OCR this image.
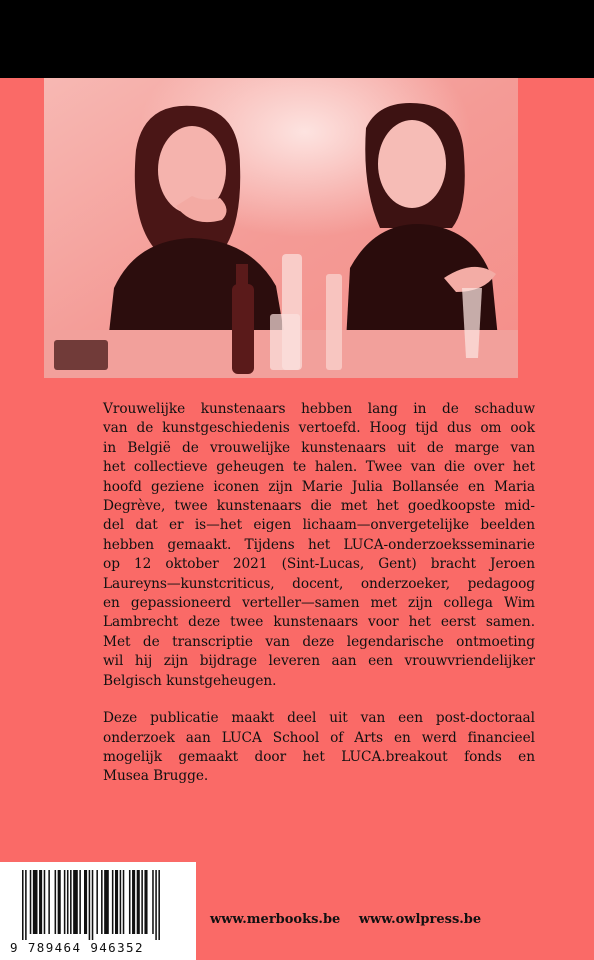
Vrouwelijke kunstenaars hebben lang in de schaduw
van de kunstgeschiedenis vertoefd. Hoog tijd dus om ook
in België de vrouwelijke kunstenaars uit de marge van
het collectieve geheugen te halen. Twee van die over het
hoofd geziene iconen zijn Marie Julia Bollansée en Maria
Degrève, twee kunstenaars die met het goedkoopste mid-
del dat er is—het eigen lichaam—onvergetelijke beelden
hebben gemaakt. Tijdens het LUCA-onderzoeksseminarie
op 12 oktober 2021 (Sint-Lucas, Gent) bracht Jeroen
Laureyns—kunstcriticus, docent, onderzoeker, pedagoog
en gepassioneerd verteller—samen met zijn collega Wim
Lambrecht deze twee kunstenaars voor het eerst samen.
Met de transcriptie van deze legendarische ontmoeting
wil hij zijn bijdrage leveren aan een vrouwvriendelijker
Belgisch kunstgeheugen.
Deze publicatie maakt deel uit van een post-doctoraal
onderzoek aan LUCA School of Arts en werd financieel
mogelijk gemaakt door het LUCA.breakout fonds en
Musea Brugge.
9 789464 946352
www.merbooks.be www.owlpress.be
